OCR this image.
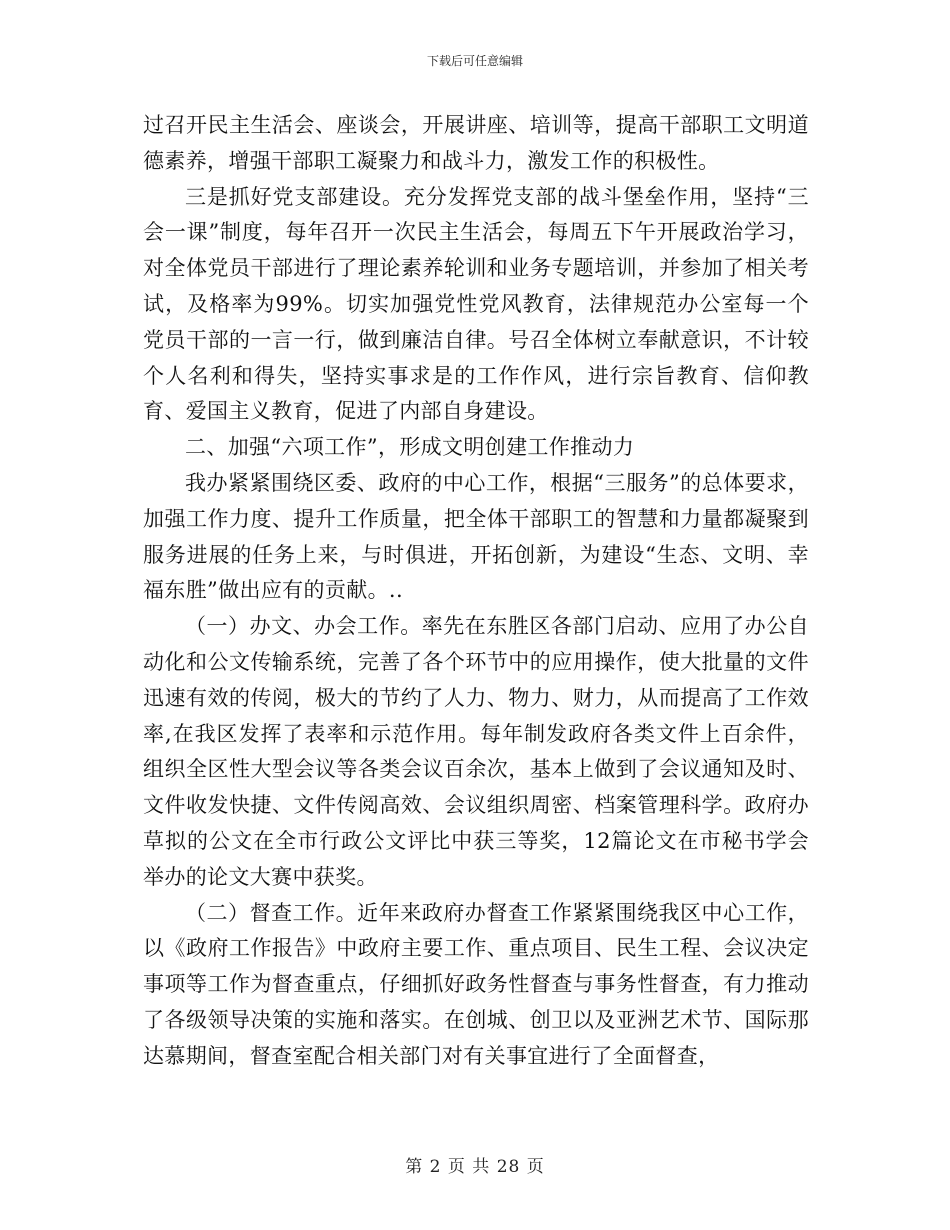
下载后可任意编辑

过召开民主生活会、座谈会，开展讲座、培训等，提高干部职工文明道德素养，增强干部职工凝聚力和战斗力，激发工作的积极性。

三是抓好党支部建设。充分发挥党支部的战斗堡垒作用，坚持“三会一课”制度，每年召开一次民主生活会，每周五下午开展政治学习，对全体党员干部进行了理论素养轮训和业务专题培训，并参加了相关考试，及格率为99%。切实加强党性党风教育，法律规范办公室每一个党员干部的一言一行，做到廉洁自律。号召全体树立奉献意识，不计较个人名利和得失，坚持实事求是的工作作风，进行宗旨教育、信仰教育、爱国主义教育，促进了内部自身建设。

二、加强“六项工作”，形成文明创建工作推动力

我办紧紧围绕区委、政府的中心工作，根据“三服务”的总体要求，加强工作力度、提升工作质量，把全体干部职工的智慧和力量都凝聚到服务进展的任务上来，与时俱进，开拓创新，为建设“生态、文明、幸福东胜”做出应有的贡献。..

（一）办文、办会工作。率先在东胜区各部门启动、应用了办公自动化和公文传输系统，完善了各个环节中的应用操作，使大批量的文件迅速有效的传阅，极大的节约了人力、物力、财力，从而提高了工作效率,在我区发挥了表率和示范作用。每年制发政府各类文件上百余件，组织全区性大型会议等各类会议百余次，基本上做到了会议通知及时、文件收发快捷、文件传阅高效、会议组织周密、档案管理科学。政府办草拟的公文在全市行政公文评比中获三等奖，12篇论文在市秘书学会举办的论文大赛中获奖。

（二）督查工作。近年来政府办督查工作紧紧围绕我区中心工作，以《政府工作报告》中政府主要工作、重点项目、民生工程、会议决定事项等工作为督查重点，仔细抓好政务性督查与事务性督查，有力推动了各级领导决策的实施和落实。在创城、创卫以及亚洲艺术节、国际那达慕期间，督查室配合相关部门对有关事宜进行了全面督查，

第 2 页 共 28 页
